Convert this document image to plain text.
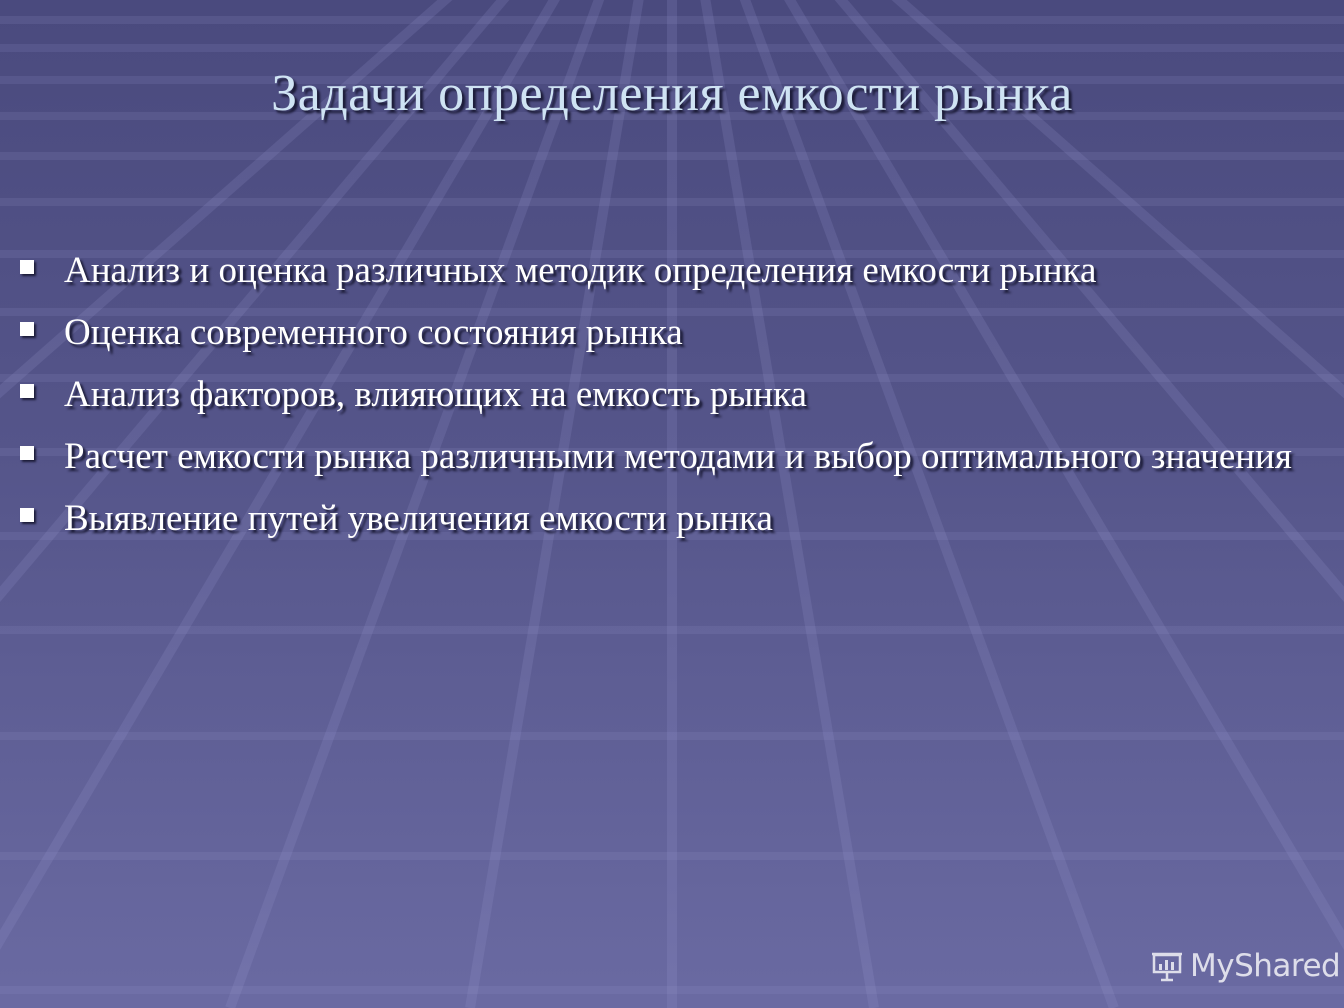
Задачи определения емкости рынка
Анализ и оценка различных методик определения емкости рынка
Оценка современного состояния рынка
Анализ факторов, влияющих на емкость рынка
Расчет емкости рынка различными методами и выбор оптимального значения
Выявление путей увеличения емкости рынка
MyShared
